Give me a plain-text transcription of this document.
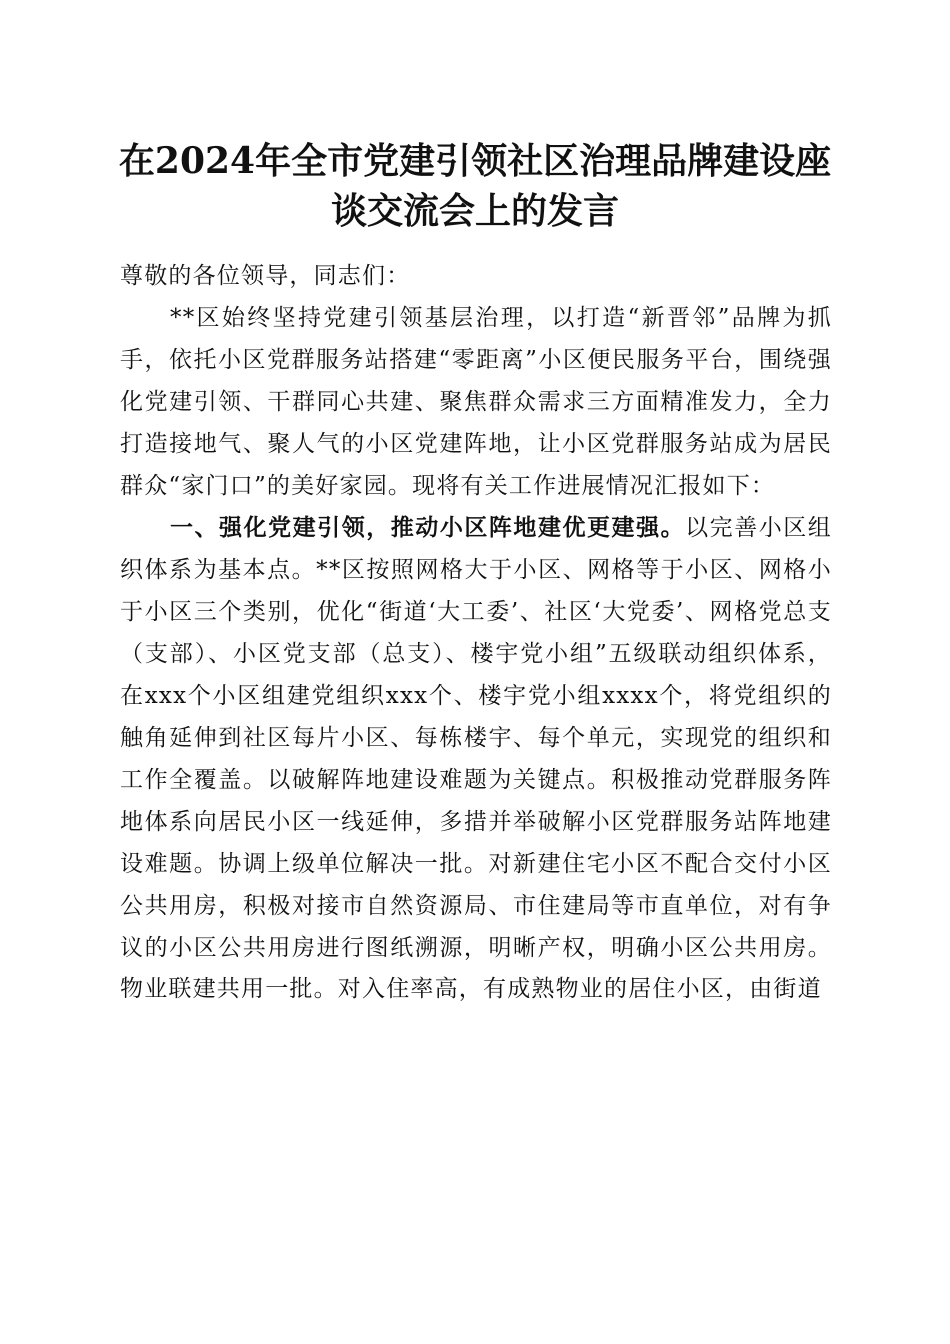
在2024年全市党建引领社区治理品牌建设座
谈交流会上的发言

尊敬的各位领导，同志们：

**区始终坚持党建引领基层治理，以打造“新晋邻”品牌为抓手，依托小区党群服务站搭建“零距离”小区便民服务平台，围绕强化党建引领、干群同心共建、聚焦群众需求三方面精准发力，全力打造接地气、聚人气的小区党建阵地，让小区党群服务站成为居民群众“家门口”的美好家园。现将有关工作进展情况汇报如下：

一、强化党建引领，推动小区阵地建优更建强。以完善小区组织体系为基本点。**区按照网格大于小区、网格等于小区、网格小于小区三个类别，优化“街道‘大工委’、社区‘大党委’、网格党总支（支部）、小区党支部（总支）、楼宇党小组”五级联动组织体系，在xxx个小区组建党组织xxx个、楼宇党小组xxxx个，将党组织的触角延伸到社区每片小区、每栋楼宇、每个单元，实现党的组织和工作全覆盖。以破解阵地建设难题为关键点。积极推动党群服务阵地体系向居民小区一线延伸，多措并举破解小区党群服务站阵地建设难题。协调上级单位解决一批。对新建住宅小区不配合交付小区公共用房，积极对接市自然资源局、市住建局等市直单位，对有争议的小区公共用房进行图纸溯源，明晰产权，明确小区公共用房。物业联建共用一批。对入住率高，有成熟物业的居住小区，由街道
